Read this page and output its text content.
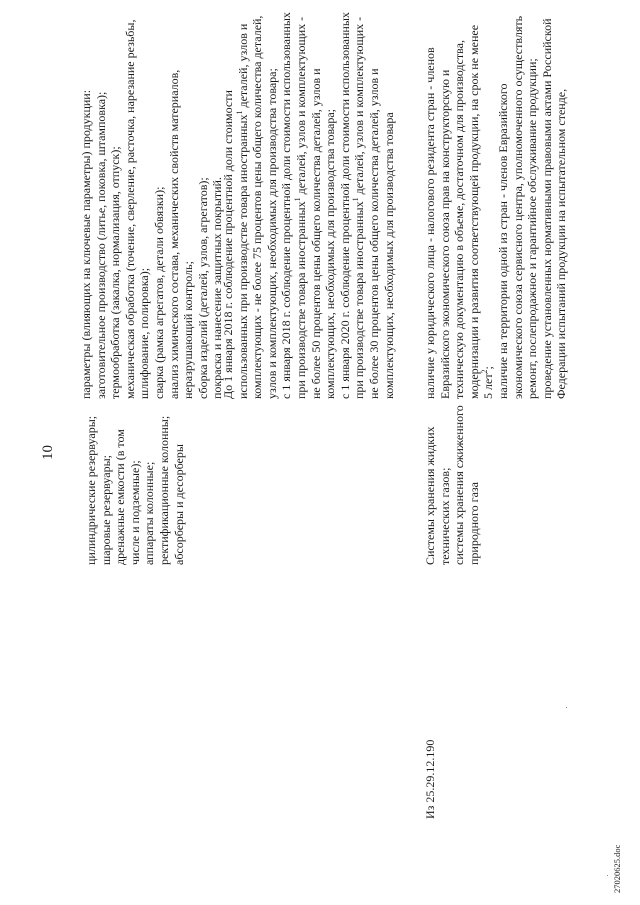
10 цилиндрические резервуары; шаровые резервуары; дренажные емкости (в том числе и подземные); аппараты колонные; ректификационные колонны; абсорберы и десорберы
параметры (влияющих на ключевые параметры) продукции: заготовительное производство (литье, поковка, штамповка); термообработка (закалка, нормализация, отпуск); механическая обработка (точение, сверление, расточка, нарезание резьбы, шлифование, полировка); сварка (рамка агрегатов, детали обвязки); анализ химического состава, механических свойств материалов, неразрушающий контроль; сборка изделий (деталей, узлов, агрегатов); покраска и нанесение защитных покрытий.
До 1 января 2018 г. соблюдение процентной доли стоимости использованных при производстве товара иностранных$^1$ деталей, узлов и комплектующих - не более 75 процентов цены общего количества деталей, узлов и комплектующих, необходимых для производства товара; с 1 января 2018 г. соблюдение процентной доли стоимости использованных при производстве товара иностранных$^1$ деталей, узлов и комплектующих - не более 50 процентов цены общего количества деталей, узлов и комплектующих, необходимых для производства товара; с 1 января 2020 г. соблюдение процентной доли стоимости использованных при производстве товара иностранных$^1$ деталей, узлов и комплектующих - не более 30 процентов цены общего количества деталей, узлов и комплектующих, необходимых для производства товара
Из 25.29.12.190
Системы хранения жидких технических газов; системы хранения сжиженного природного газа
наличие у юридического лица - налогового резидента стран - членов Евразийского экономического союза прав на конструкторскую и техническую документацию в объеме, достаточном для производства, модернизации и развития соответствующей продукции, на срок не менее 5 лет$^2$; наличие на территории одной из стран - членов Евразийского экономического союза сервисного центра, уполномоченного осуществлять ремонт, послепродажное и гарантийное обслуживание продукции; проведение установленных нормативными правовыми актами Российской Федерации испытаний продукции на испытательном стенде,
27020625.doc
